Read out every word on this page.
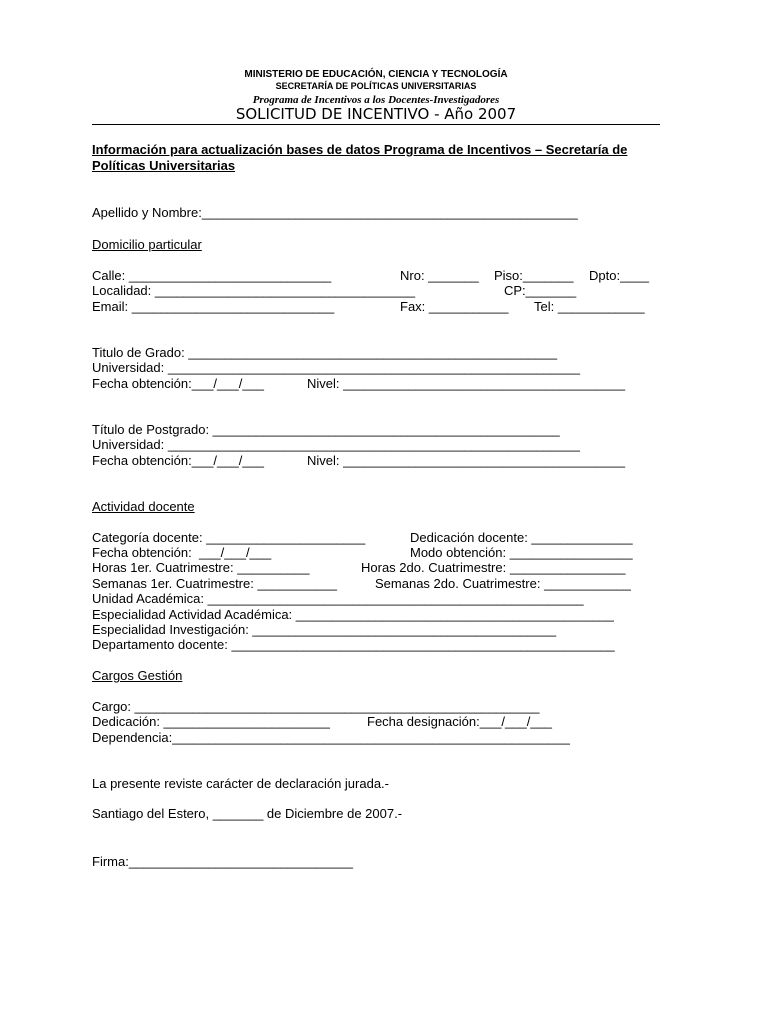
MINISTERIO DE EDUCACIÓN, CIENCIA Y TECNOLOGÍA
SECRETARÍA DE POLÍTICAS UNIVERSITARIAS
Programa de Incentivos a los Docentes-Investigadores
SOLICITUD DE INCENTIVO - Año 2007
Información para actualización bases de datos Programa de Incentivos – Secretaría de Políticas Universitarias
Apellido y Nombre:____________________________________________________
Domicilio particular
Calle: ____________________________	Nro: _______ Piso:_______ Dpto:____
Localidad: ____________________________________	CP:_______
Email: ____________________________	Fax: ___________ Tel: ____________
Titulo de Grado: ___________________________________________________
Universidad: _________________________________________________________
Fecha obtención:___/___/___	Nivel: _______________________________________
Título de Postgrado: ________________________________________________
Universidad: _________________________________________________________
Fecha obtención:___/___/___	Nivel: _______________________________________
Actividad docente
Categoría docente: ______________________	Dedicación docente: ______________
Fecha obtención:  ___/___/___	Modo obtención: _________________
Horas 1er. Cuatrimestre: __________	Horas 2do. Cuatrimestre: ________________
Semanas 1er. Cuatrimestre: ___________	Semanas 2do. Cuatrimestre: ____________
Unidad Académica: ____________________________________________________
Especialidad Actividad Académica: ____________________________________________
Especialidad Investigación: __________________________________________
Departamento docente: _____________________________________________________
Cargos Gestión
Cargo: ________________________________________________________
Dedicación: _______________________	Fecha designación:___/___/___
Dependencia:_______________________________________________________
La presente reviste carácter de declaración jurada.-
Santiago del Estero, _______ de Diciembre de 2007.-
Firma:_______________________________
